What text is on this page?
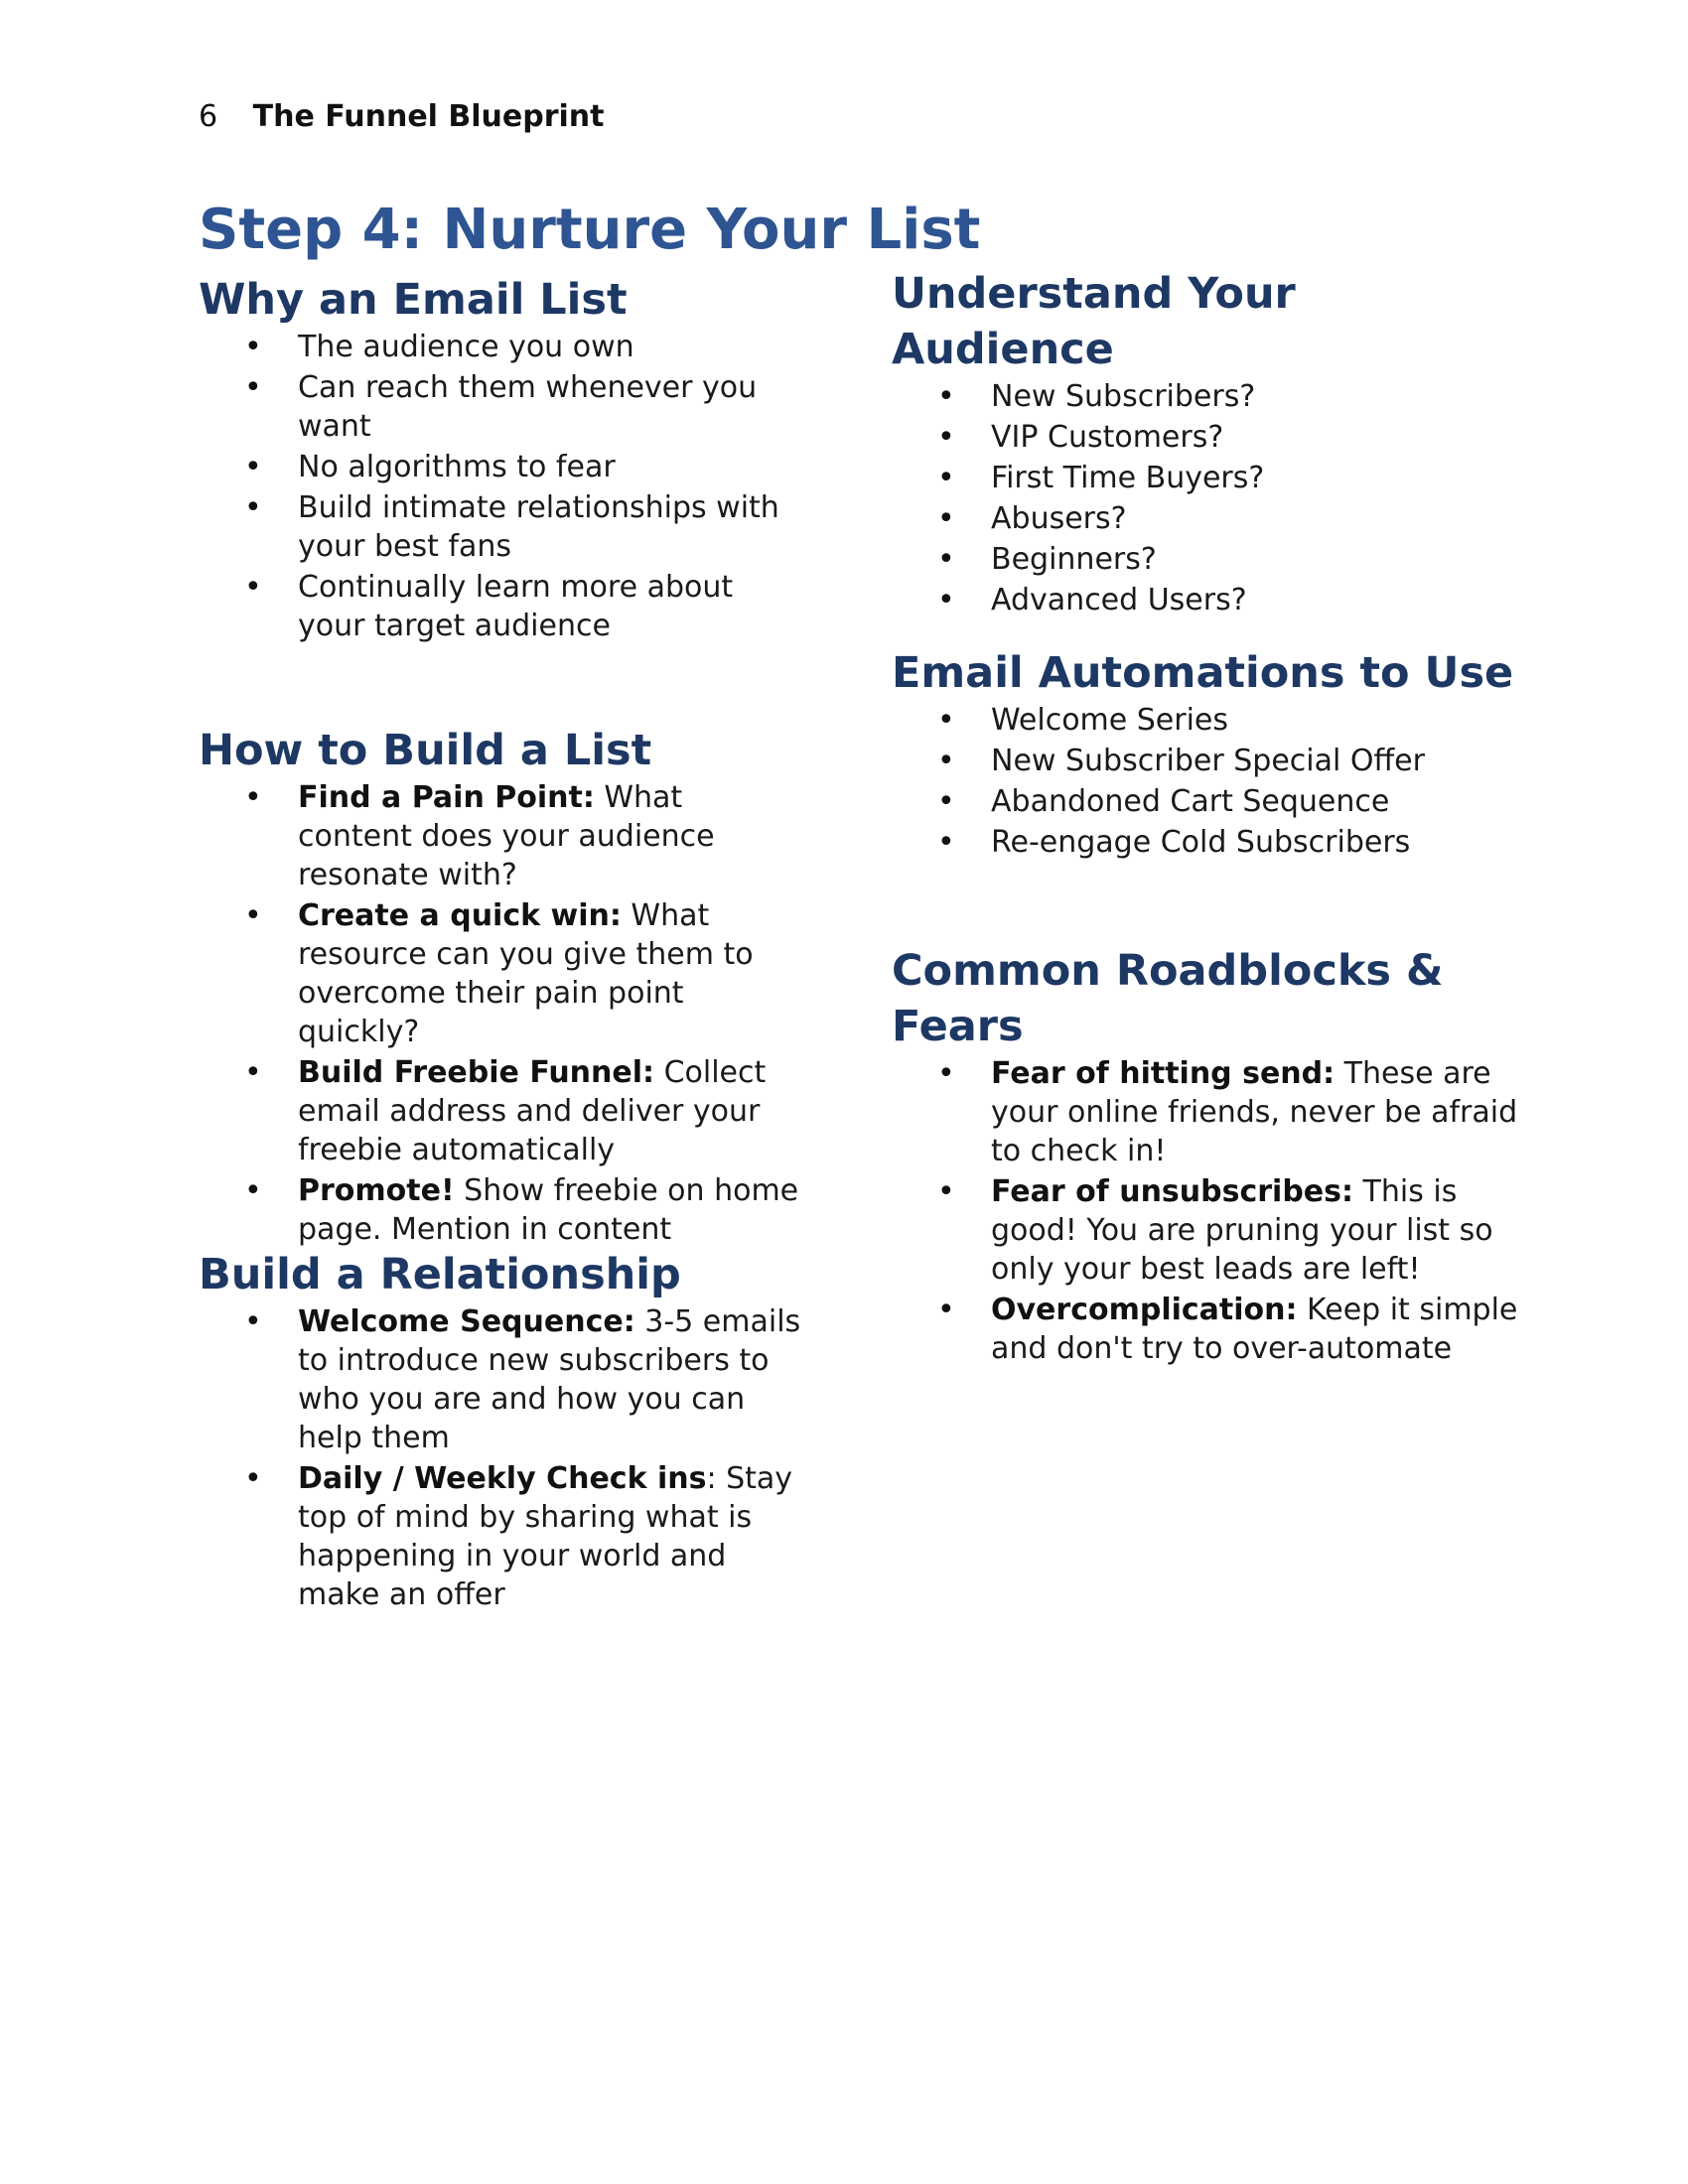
6 The Funnel Blueprint
Step 4: Nurture Your List
Why an Email List
• The audience you own
• Can reach them whenever you want
• No algorithms to fear
• Build intimate relationships with your best fans
• Continually learn more about your target audience
How to Build a List
• Find a Pain Point: What content does your audience resonate with?
• Create a quick win: What resource can you give them to overcome their pain point quickly?
• Build Freebie Funnel: Collect email address and deliver your freebie automatically
• Promote! Show freebie on home page. Mention in content
Build a Relationship
• Welcome Sequence: 3-5 emails to introduce new subscribers to who you are and how you can help them
• Daily / Weekly Check ins: Stay top of mind by sharing what is happening in your world and make an offer
Understand Your Audience
• New Subscribers?
• VIP Customers?
• First Time Buyers?
• Abusers?
• Beginners?
• Advanced Users?
Email Automations to Use
• Welcome Series
• New Subscriber Special Offer
• Abandoned Cart Sequence
• Re-engage Cold Subscribers
Common Roadblocks & Fears
• Fear of hitting send: These are your online friends, never be afraid to check in!
• Fear of unsubscribes: This is good! You are pruning your list so only your best leads are left!
• Overcomplication: Keep it simple and don't try to over-automate
